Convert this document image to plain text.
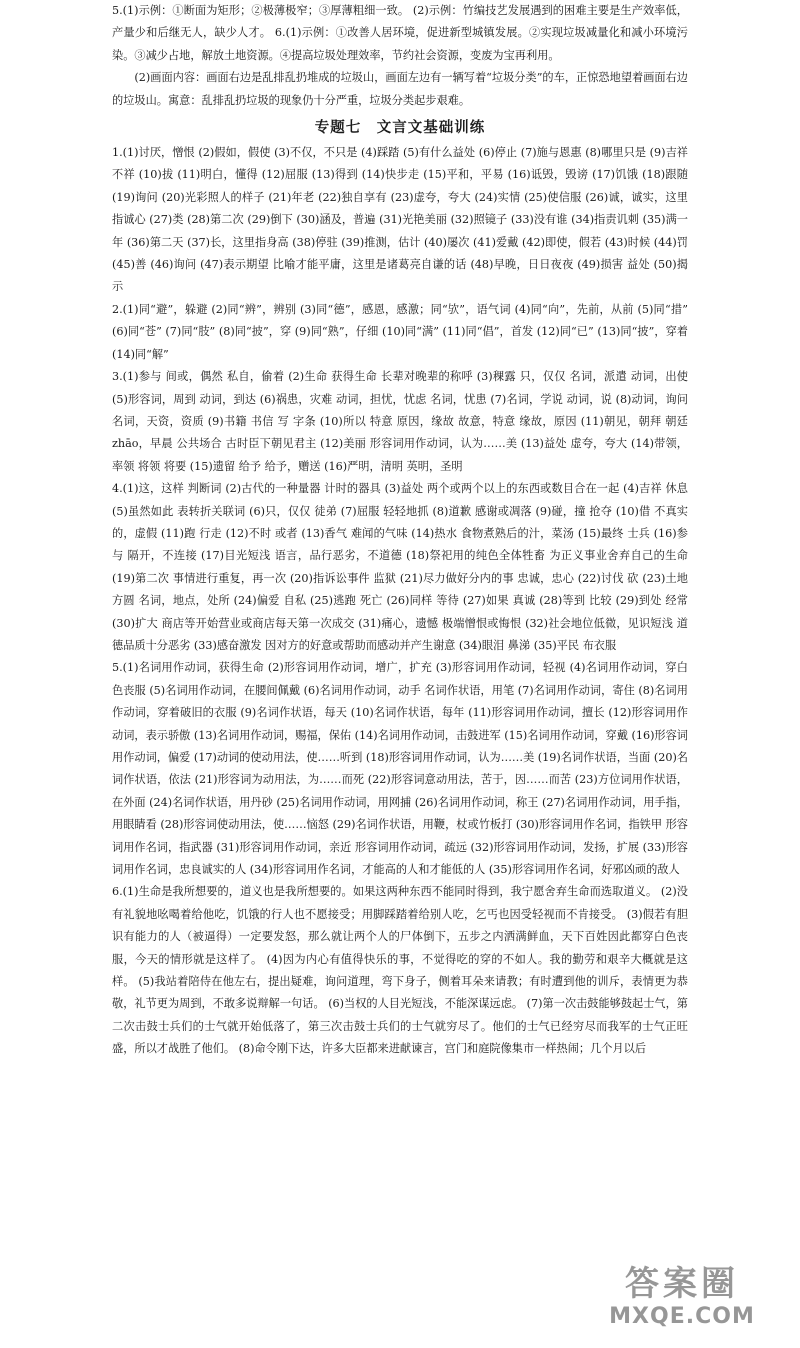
5.(1)示例：①断面为矩形；②极薄极窄；③厚薄粗细一致。 (2)示例：竹编技艺发展遇到的困难主要是生产效率低，产量少和后继无人，缺少人才。 6.(1)示例：①改善人居环境，促进新型城镇发展。②实现垃圾减量化和减小环境污染。③减少占地，解放土地资源。④提高垃圾处理效率，节约社会资源，变废为宝再利用。

(2)画面内容：画面右边是乱排乱扔堆成的垃圾山，画面左边有一辆写着“垃圾分类”的车，正惊恐地望着画面右边的垃圾山。寓意：乱排乱扔垃圾的现象仍十分严重，垃圾分类起步艰难。

专题七　文言文基础训练

1.(1)讨厌，憎恨 (2)假如，假使 (3)不仅，不只是 (4)踩踏 (5)有什么益处 (6)停止 (7)施与恩惠 (8)哪里只是 (9)吉祥 不祥 (10)拔 (11)明白，懂得 (12)屈服 (13)得到 (14)快步走 (15)平和，平易 (16)诋毁，毁谤 (17)饥饿 (18)跟随 (19)询问 (20)光彩照人的样子 (21)年老 (22)独自享有 (23)虚夸，夸大 (24)实情 (25)使信服 (26)诚，诚实，这里指诚心 (27)类 (28)第二次 (29)倒下 (30)涵及，普遍 (31)光艳美丽 (32)照镜子 (33)没有谁 (34)指责讥刺 (35)满一年 (36)第二天 (37)长，这里指身高 (38)停驻 (39)推测，估计 (40)屡次 (41)爱戴 (42)即使，假若 (43)时候 (44)罚 (45)善 (46)询问 (47)表示期望 比喻才能平庸，这里是诸葛亮自谦的话 (48)早晚，日日夜夜 (49)损害 益处 (50)揭示

2.(1)同“避”，躲避 (2)同“辨”，辨别 (3)同“德”，感恩，感激；同“欤”，语气词 (4)同“向”，先前，从前 (5)同“措” (6)同“苍” (7)同“肢” (8)同“披”，穿 (9)同“熟”，仔细 (10)同“满” (11)同“倡”，首发 (12)同“已” (13)同“披”，穿着 (14)同“解”

3.(1)参与 间或，偶然 私自，偷着 (2)生命 获得生命 长辈对晚辈的称呼 (3)稞露 只，仅仅 名词，派遣 动词，出使 (5)形容词，周到 动词，到达 (6)祸患，灾难 动词，担忧，忧虑 名词，忧患 (7)名词，学说 动词，说 (8)动词，询问 名词，天资，资质 (9)书籍 书信 写 字条 (10)所以 特意 原因，缘故 故意，特意 缘故，原因 (11)朝见，朝拜 朝廷 zhāo，早晨 公共场合 古时臣下朝见君主 (12)美丽 形容词用作动词，认为……美 (13)益处 虚夸，夸大 (14)带领，率领 将领 将要 (15)遗留 给予 给予，赠送 (16)严明，清明 英明，圣明

4.(1)这，这样 判断词 (2)古代的一种量器 计时的器具 (3)益处 两个或两个以上的东西或数目合在一起 (4)吉祥 休息 (5)虽然如此 表转折关联词 (6)只，仅仅 徒弟 (7)屈服 轻轻地抓 (8)道歉 感谢或凋落 (9)碰，撞 抢夺 (10)借 不真实的，虚假 (11)跑 行走 (12)不时 或者 (13)香气 难闻的气味 (14)热水 食物煮熟后的汁，菜汤 (15)最终 士兵 (16)参与 隔开，不连接 (17)目光短浅 语言，品行恶劣，不道德 (18)祭祀用的纯色全体牲畜 为正义事业舍弃自己的生命 (19)第二次 事情进行重复，再一次 (20)指诉讼事件 监狱 (21)尽力做好分内的事 忠诚，忠心 (22)讨伐 砍 (23)土地方圆 名词，地点，处所 (24)偏爱 自私 (25)逃跑 死亡 (26)同样 等待 (27)如果 真诚 (28)等到 比较 (29)到处 经常 (30)扩大 商店等开始营业或商店每天第一次成交 (31)痛心，遗憾 极端憎恨或悔恨 (32)社会地位低微，见识短浅 道德品质十分恶劣 (33)感奋激发 因对方的好意或帮助而感动并产生谢意 (34)眼泪 鼻涕 (35)平民 布衣服

5.(1)名词用作动词，获得生命 (2)形容词用作动词，增广，扩充 (3)形容词用作动词，轻视 (4)名词用作动词，穿白色丧服 (5)名词用作动词，在腰间佩戴 (6)名词用作动词，动手 名词作状语，用笔 (7)名词用作动词，寄住 (8)名词用作动词，穿着破旧的衣服 (9)名词作状语，每天 (10)名词作状语，每年 (11)形容词用作动词，擅长 (12)形容词用作动词，表示骄傲 (13)名词用作动词，赐福，保佑 (14)名词用作动词，击鼓进军 (15)名词用作动词，穿戴 (16)形容词用作动词，偏爱 (17)动词的使动用法，使……听到 (18)形容词用作动词，认为……美 (19)名词作状语，当面 (20)名词作状语，依法 (21)形容词为动用法，为……而死 (22)形容词意动用法，苦于，因……而苦 (23)方位词用作状语，在外面 (24)名词作状语，用丹砂 (25)名词用作动词，用网捕 (26)名词用作动词，称王 (27)名词用作动词，用手指，用眼睛看 (28)形容词使动用法，使……恼怒 (29)名词作状语，用鞭，杖或竹板打 (30)形容词用作名词，指铁甲 形容词用作名词，指武器 (31)形容词用作动词，亲近 形容词用作动词，疏远 (32)形容词用作动词，发扬，扩展 (33)形容词用作名词，忠良诚实的人 (34)形容词用作名词，才能高的人和才能低的人 (35)形容词用作名词，好邪凶顽的敌人

6.(1)生命是我所想要的，道义也是我所想要的。如果这两种东西不能同时得到，我宁愿舍弃生命而选取道义。 (2)没有礼貌地吆喝着给他吃，饥饿的行人也不愿接受；用脚踩踏着给别人吃，乞丐也因受轻视而不肯接受。 (3)假若有胆识有能力的人（被逼得）一定要发怒，那么就让两个人的尸体倒下，五步之内洒满鲜血，天下百姓因此都穿白色丧服，今天的情形就是这样了。 (4)因为内心有值得快乐的事，不觉得吃的穿的不如人。我的勤劳和艰辛大概就是这样。 (5)我站着陪侍在他左右，提出疑难，询问道理，弯下身子，侧着耳朵来请教；有时遭到他的训斥，表情更为恭敬，礼节更为周到，不敢多说辩解一句话。 (6)当权的人目光短浅，不能深谋远虑。 (7)第一次击鼓能够鼓起士气，第二次击鼓士兵们的士气就开始低落了，第三次击鼓士兵们的士气就穷尽了。他们的士气已经穷尽而我军的士气正旺盛，所以才战胜了他们。 (8)命令刚下达，许多大臣都来进献谏言，宫门和庭院像集市一样热闹；几个月以后

答案圈
MXQE.COM
